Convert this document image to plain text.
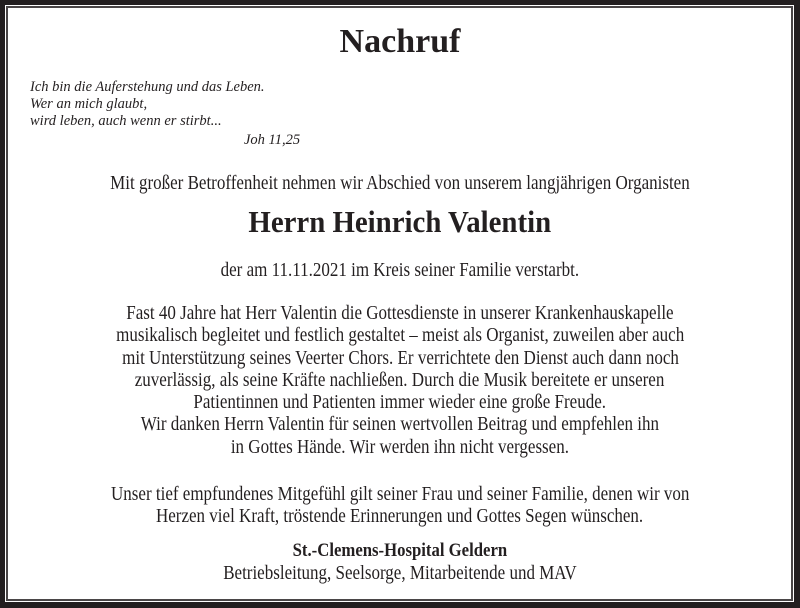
Nachruf
Ich bin die Auferstehung und das Leben.
Wer an mich glaubt,
wird leben, auch wenn er stirbt...
Joh 11,25
Mit großer Betroffenheit nehmen wir Abschied von unserem langjährigen Organisten
Herrn Heinrich Valentin
der am 11.11.2021 im Kreis seiner Familie verstarbt.
Fast 40 Jahre hat Herr Valentin die Gottesdienste in unserer Krankenhauskapelle
musikalisch begleitet und festlich gestaltet – meist als Organist, zuweilen aber auch
mit Unterstützung seines Veerter Chors. Er verrichtete den Dienst auch dann noch
zuverlässig, als seine Kräfte nachließen. Durch die Musik bereitete er unseren
Patientinnen und Patienten immer wieder eine große Freude.
Wir danken Herrn Valentin für seinen wertvollen Beitrag und empfehlen ihn
in Gottes Hände. Wir werden ihn nicht vergessen.
Unser tief empfundenes Mitgefühl gilt seiner Frau und seiner Familie, denen wir von
Herzen viel Kraft, tröstende Erinnerungen und Gottes Segen wünschen.
St.-Clemens-Hospital Geldern
Betriebsleitung, Seelsorge, Mitarbeitende und MAV
